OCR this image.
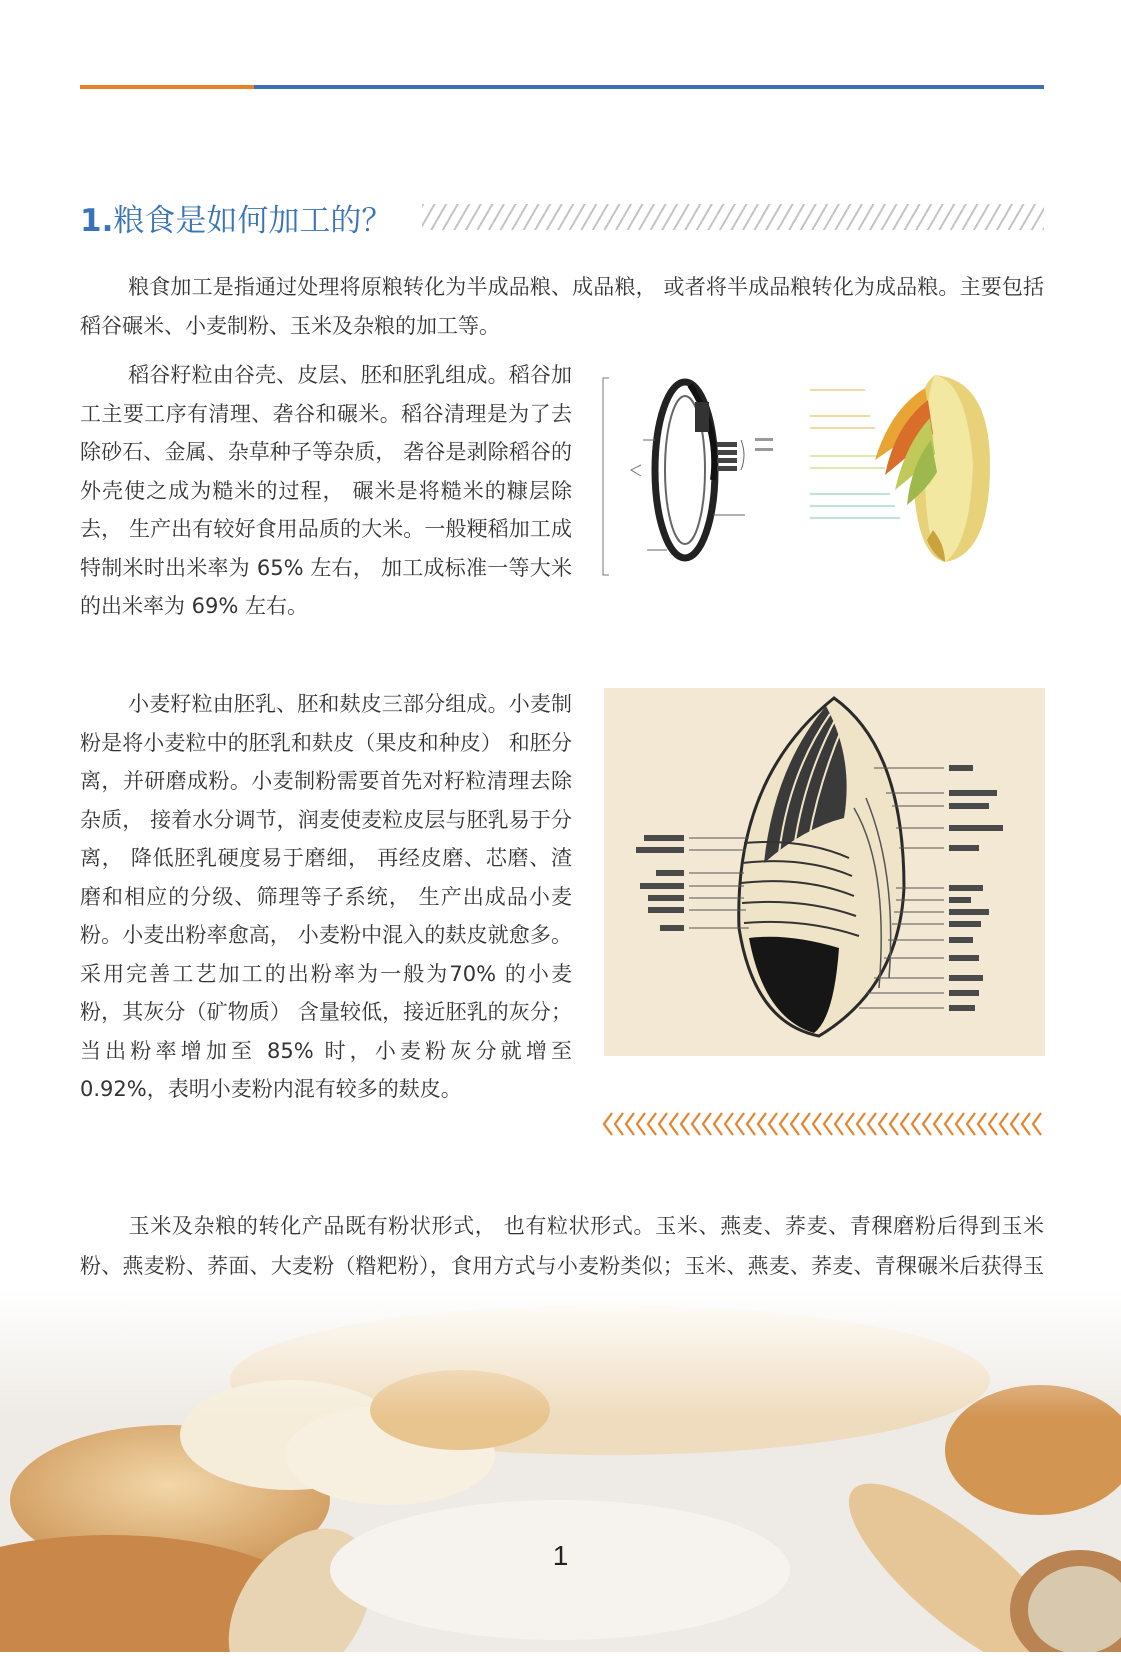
1.粮食是如何加工的？

粮食加工是指通过处理将原粮转化为半成品粮、成品粮， 或者将半成品粮转化为成品粮。主要包括稻谷碾米、小麦制粉、玉米及杂粮的加工等。

稻谷籽粒由谷壳、皮层、胚和胚乳组成。稻谷加工主要工序有清理、砻谷和碾米。稻谷清理是为了去除砂石、金属、杂草种子等杂质， 砻谷是剥除稻谷的外壳使之成为糙米的过程， 碾米是将糙米的糠层除去， 生产出有较好食用品质的大米。一般粳稻加工成特制米时出米率为 65% 左右， 加工成标准一等大米的出米率为 69% 左右。

小麦籽粒由胚乳、胚和麸皮三部分组成。小麦制粉是将小麦粒中的胚乳和麸皮（果皮和种皮） 和胚分离，并研磨成粉。小麦制粉需要首先对籽粒清理去除杂质， 接着水分调节，润麦使麦粒皮层与胚乳易于分离， 降低胚乳硬度易于磨细， 再经皮磨、芯磨、渣磨和相应的分级、筛理等子系统， 生产出成品小麦粉。小麦出粉率愈高， 小麦粉中混入的麸皮就愈多。采用完善工艺加工的出粉率为一般为70% 的小麦粉，其灰分（矿物质） 含量较低，接近胚乳的灰分；当出粉率增加至 85% 时，小麦粉灰分就增至 0.92%，表明小麦粉内混有较多的麸皮。

玉米及杂粮的转化产品既有粉状形式， 也有粒状形式。玉米、燕麦、荞麦、青稞磨粉后得到玉米粉、燕麦粉、荞面、大麦粉（糌粑粉），食用方式与小麦粉类似；玉米、燕麦、荞麦、青稞碾米后获得玉

1
